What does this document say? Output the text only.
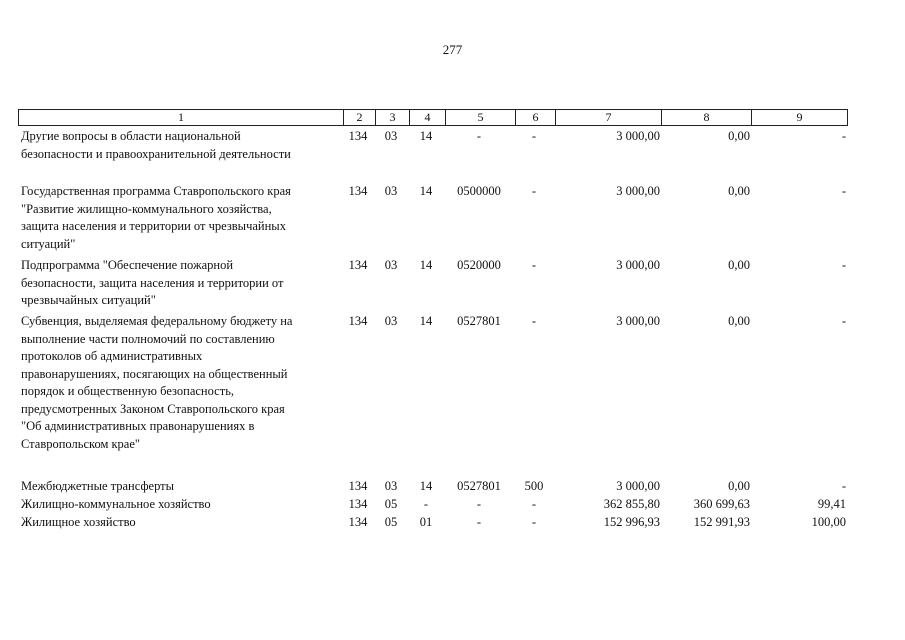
277
1	2	3	4	5	6	7	8	9
Другие вопросы в области национальной
безопасности и правоохранительной деятельности
134	03	14	-	-	3 000,00	0,00	-
Государственная программа Ставропольского края
"Развитие жилищно-коммунального хозяйства,
защита населения и территории от чрезвычайных
ситуаций"
134	03	14	0500000	-	3 000,00	0,00	-
Подпрограмма "Обеспечение пожарной
безопасности, защита населения и территории от
чрезвычайных ситуаций"
134	03	14	0520000	-	3 000,00	0,00	-
Субвенция, выделяемая федеральному бюджету на
выполнение части полномочий по составлению
протоколов об административных
правонарушениях, посягающих на общественный
порядок и общественную безопасность,
предусмотренных Законом Ставропольского края
"Об административных правонарушениях в
Ставропольском крае"
134	03	14	0527801	-	3 000,00	0,00	-
Межбюджетные трансферты	134	03	14	0527801	500	3 000,00	0,00	-
Жилищно-коммунальное хозяйство	134	05	-	-	-	362 855,80	360 699,63	99,41
Жилищное хозяйство	134	05	01	-	-	152 996,93	152 991,93	100,00
